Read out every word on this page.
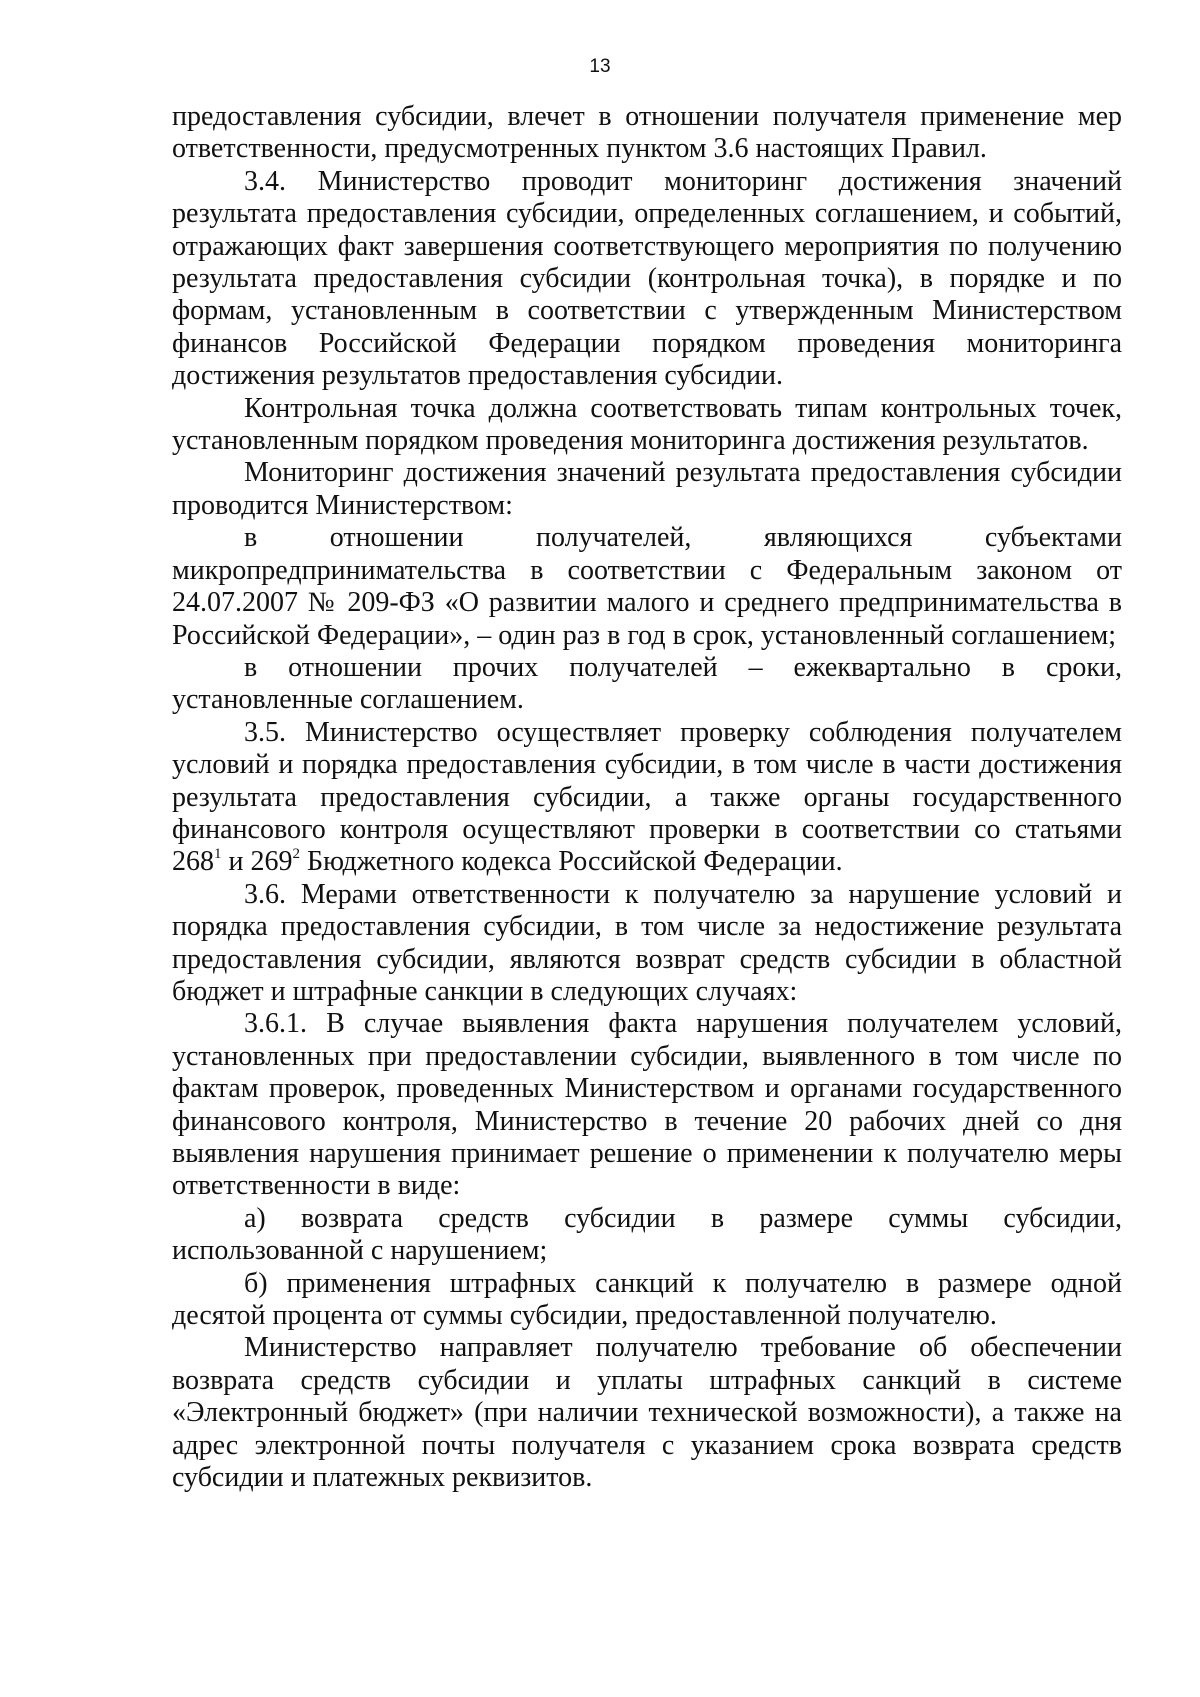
13

предоставления субсидии, влечет в отношении получателя применение мер ответственности, предусмотренных пунктом 3.6 настоящих Правил.

3.4. Министерство проводит мониторинг достижения значений результата предоставления субсидии, определенных соглашением, и событий, отражающих факт завершения соответствующего мероприятия по получению результата предоставления субсидии (контрольная точка), в порядке и по формам, установленным в соответствии с утвержденным Министерством финансов Российской Федерации порядком проведения мониторинга достижения результатов предоставления субсидии.

Контрольная точка должна соответствовать типам контрольных точек, установленным порядком проведения мониторинга достижения результатов.

Мониторинг достижения значений результата предоставления субсидии проводится Министерством:

в отношении получателей, являющихся субъектами микропредпринимательства в соответствии с Федеральным законом от 24.07.2007 № 209-ФЗ «О развитии малого и среднего предпринимательства в Российской Федерации», – один раз в год в срок, установленный соглашением;

в отношении прочих получателей – ежеквартально в сроки, установленные соглашением.

3.5. Министерство осуществляет проверку соблюдения получателем условий и порядка предоставления субсидии, в том числе в части достижения результата предоставления субсидии, а также органы государственного финансового контроля осуществляют проверки в соответствии со статьями $268^1$ и $269^2$ Бюджетного кодекса Российской Федерации.

3.6. Мерами ответственности к получателю за нарушение условий и порядка предоставления субсидии, в том числе за недостижение результата предоставления субсидии, являются возврат средств субсидии в областной бюджет и штрафные санкции в следующих случаях:

3.6.1. В случае выявления факта нарушения получателем условий, установленных при предоставлении субсидии, выявленного в том числе по фактам проверок, проведенных Министерством и органами государственного финансового контроля, Министерство в течение 20 рабочих дней со дня выявления нарушения принимает решение о применении к получателю меры ответственности в виде:

а) возврата средств субсидии в размере суммы субсидии, использованной с нарушением;

б) применения штрафных санкций к получателю в размере одной десятой процента от суммы субсидии, предоставленной получателю.

Министерство направляет получателю требование об обеспечении возврата средств субсидии и уплаты штрафных санкций в системе «Электронный бюджет» (при наличии технической возможности), а также на адрес электронной почты получателя с указанием срока возврата средств субсидии и платежных реквизитов.
